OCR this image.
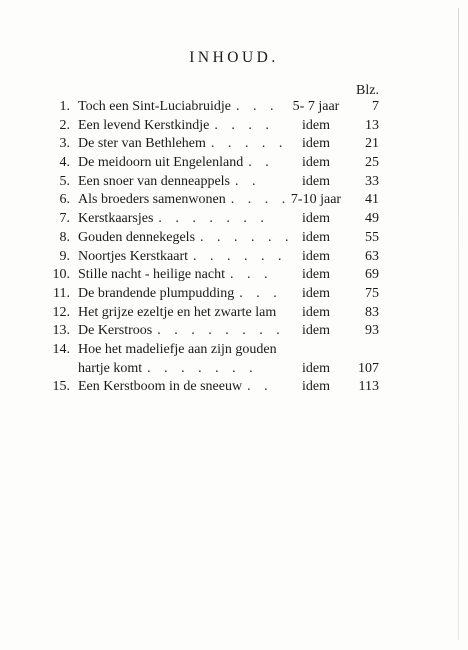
INHOUD.
Blz.
1. Toch een Sint-Luciabruidje . . .	5- 7 jaar	7
2. Een levend Kerstkindje . . . .	idem	13
3. De ster van Bethlehem . . . . .	idem	21
4. De meidoorn uit Engelenland . .	idem	25
5. Een snoer van denneappels . .	idem	33
6. Als broeders samenwonen . . . . 7-10 jaar	41
7. Kerstkaarsjes . . . . . . .	idem	49
8. Gouden dennekegels . . . . . . idem	55
9. Noortjes Kerstkaart . . . . . .	idem	63
10. Stille nacht - heilige nacht . . .	idem	69
11. De brandende plumpudding . . .	idem	75
12. Het grijze ezeltje en het zwarte lam	idem	83
13. De Kerstroos . . . . . . . .	idem	93
14. Hoe het madeliefje aan zijn gouden
hartje komt . . . . . . .	idem	107
15. Een Kerstboom in de sneeuw . .	idem	113
